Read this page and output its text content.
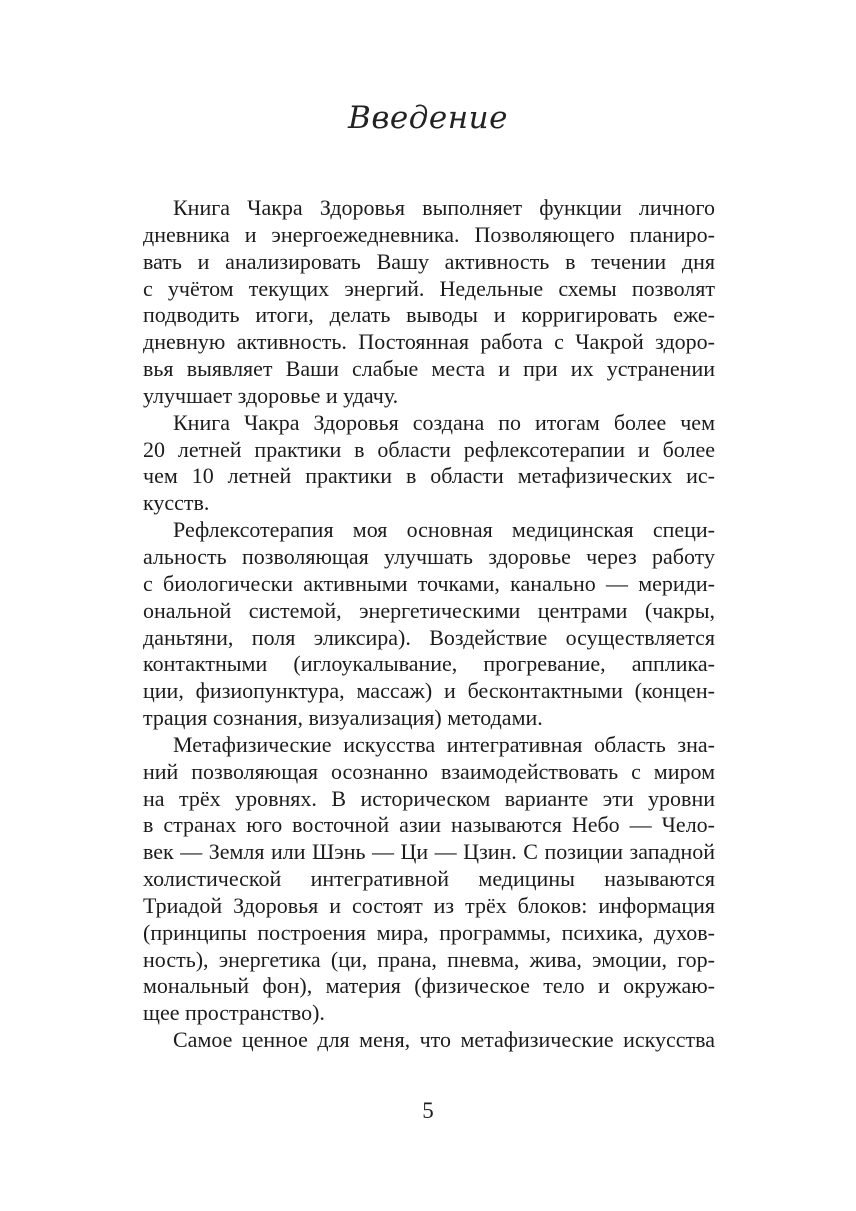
Введение
Книга Чакра Здоровья выполняет функции личного
дневника и энергоежедневника. Позволяющего планиро-
вать и анализировать Вашу активность в течении дня
с учётом текущих энергий. Недельные схемы позволят
подводить итоги, делать выводы и корригировать еже-
дневную активность. Постоянная работа с Чакрой здоро-
вья выявляет Ваши слабые места и при их устранении
улучшает здоровье и удачу.
Книга Чакра Здоровья создана по итогам более чем
20 летней практики в области рефлексотерапии и более
чем 10 летней практики в области метафизических ис-
кусств.
Рефлексотерапия моя основная медицинская специ-
альность позволяющая улучшать здоровье через работу
с биологически активными точками, канально — мериди-
ональной системой, энергетическими центрами (чакры,
даньтяни, поля эликсира). Воздействие осуществляется
контактными (иглоукалывание, прогревание, апплика-
ции, физиопунктура, массаж) и бесконтактными (концен-
трация сознания, визуализация) методами.
Метафизические искусства интегративная область зна-
ний позволяющая осознанно взаимодействовать с миром
на трёх уровнях. В историческом варианте эти уровни
в странах юго восточной азии называются Небо — Чело-
век — Земля или Шэнь — Ци — Цзин. С позиции западной
холистической интегративной медицины называются
Триадой Здоровья и состоят из трёх блоков: информация
(принципы построения мира, программы, психика, духов-
ность), энергетика (ци, прана, пневма, жива, эмоции, гор-
мональный фон), материя (физическое тело и окружаю-
щее пространство).
Самое ценное для меня, что метафизические искусства
5
